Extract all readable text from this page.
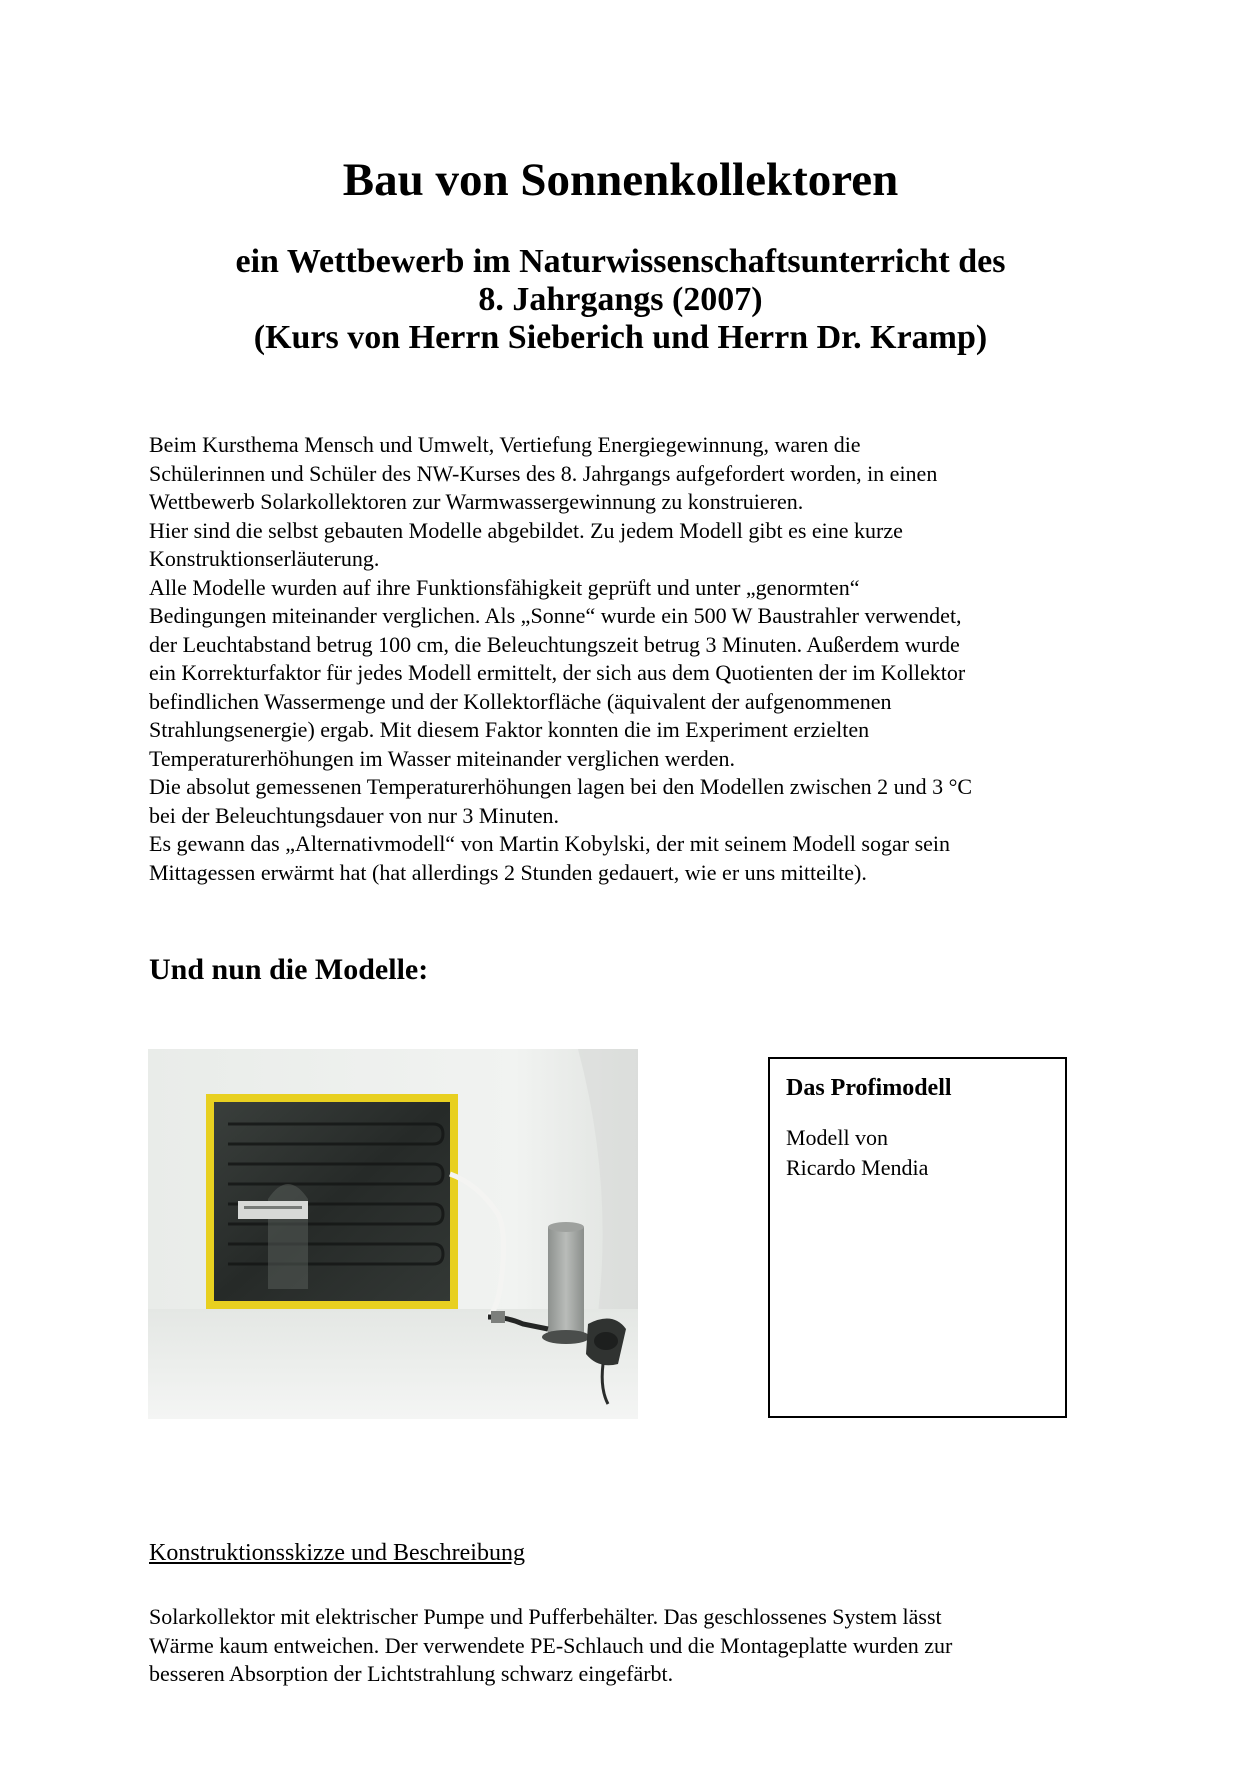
Bau von Sonnenkollektoren
ein Wettbewerb im Naturwissenschaftsunterricht des
8. Jahrgangs (2007)
(Kurs von Herrn Sieberich und Herrn Dr. Kramp)
Beim Kursthema Mensch und Umwelt, Vertiefung Energiegewinnung, waren die
Schülerinnen und Schüler des NW-Kurses des 8. Jahrgangs aufgefordert worden, in einen
Wettbewerb Solarkollektoren zur Warmwassergewinnung zu konstruieren.
Hier sind die selbst gebauten Modelle abgebildet. Zu jedem Modell gibt es eine kurze
Konstruktionserläuterung.
Alle Modelle wurden auf ihre Funktionsfähigkeit geprüft und unter „genormten“
Bedingungen miteinander verglichen. Als „Sonne“ wurde ein 500 W Baustrahler verwendet,
der Leuchtabstand betrug 100 cm, die Beleuchtungszeit betrug 3 Minuten. Außerdem wurde
ein Korrekturfaktor für jedes Modell ermittelt, der sich aus dem Quotienten der im Kollektor
befindlichen Wassermenge und der Kollektorfläche (äquivalent der aufgenommenen
Strahlungsenergie) ergab. Mit diesem Faktor konnten die im Experiment erzielten
Temperaturerhöhungen im Wasser miteinander verglichen werden.
Die absolut gemessenen Temperaturerhöhungen lagen bei den Modellen zwischen 2 und 3 °C
bei der Beleuchtungsdauer von nur 3 Minuten.
Es gewann das „Alternativmodell“ von Martin Kobylski, der mit seinem Modell sogar sein
Mittagessen erwärmt hat (hat allerdings 2 Stunden gedauert, wie er uns mitteilte).
Und nun die Modelle:

Das Profimodell

Modell von
Ricardo Mendia

Konstruktionsskizze und Beschreibung

Solarkollektor mit elektrischer Pumpe und Pufferbehälter. Das geschlossenes System lässt
Wärme kaum entweichen. Der verwendete PE-Schlauch und die Montageplatte wurden zur
besseren Absorption der Lichtstrahlung schwarz eingefärbt.
